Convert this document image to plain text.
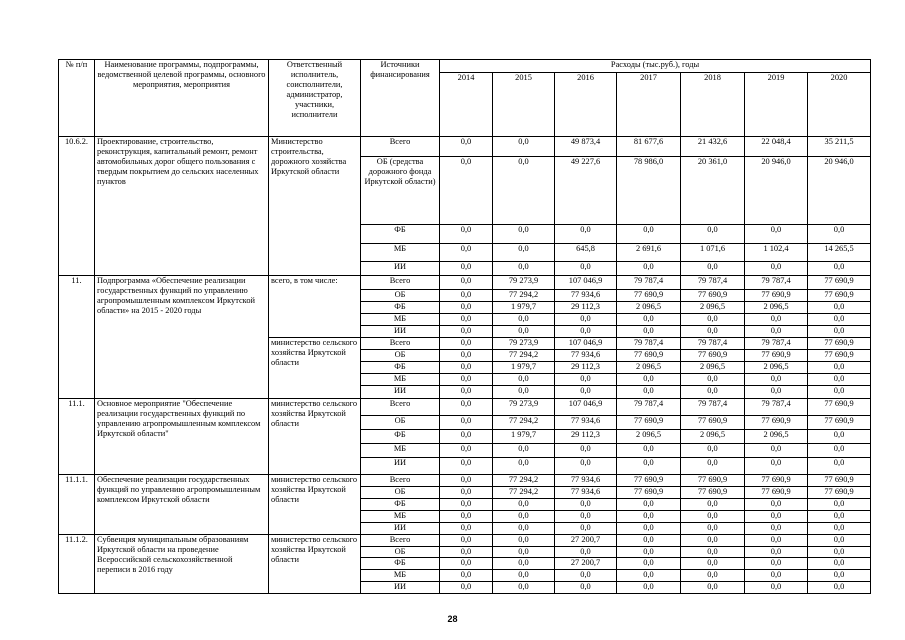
№ п/п	Наименование программы, подпрограммы, ведомственной целевой программы, основного мероприятия, мероприятия	Ответственный исполнитель, соисполнители, администратор, участники, исполнители	Источники финансирования	Расходы (тыс.руб.), годы						
				2014	2015	2016	2017	2018	2019	2020
10.6.2.	Проектирование, строительство, реконструкция, капитальный ремонт, ремонт автомобильных дорог общего пользования с твердым покрытием до сельских населенных пунктов	Министерство строительства, дорожного хозяйства Иркутской области	Всего	0,0	0,0	49 873,4	81 677,6	21 432,6	22 048,4	35 211,5
			ОБ (средства дорожного фонда Иркутской области)	0,0	0,0	49 227,6	78 986,0	20 361,0	20 946,0	20 946,0
			ФБ	0,0	0,0	0,0	0,0	0,0	0,0	0,0
			МБ	0,0	0,0	645,8	2 691,6	1 071,6	1 102,4	14 265,5
			ИИ	0,0	0,0	0,0	0,0	0,0	0,0	0,0
11.	Подпрограмма «Обеспечение реализации государственных функций по управлению агропромышленным комплексом Иркутской области» на 2015 - 2020 годы	всего, в том числе:	Всего	0,0	79 273,9	107 046,9	79 787,4	79 787,4	79 787,4	77 690,9
			ОБ	0,0	77 294,2	77 934,6	77 690,9	77 690,9	77 690,9	77 690,9
			ФБ	0,0	1 979,7	29 112,3	2 096,5	2 096,5	2 096,5	0,0
			МБ	0,0	0,0	0,0	0,0	0,0	0,0	0,0
			ИИ	0,0	0,0	0,0	0,0	0,0	0,0	0,0
		министерство сельского хозяйства Иркутской области	Всего	0,0	79 273,9	107 046,9	79 787,4	79 787,4	79 787,4	77 690,9
			ОБ	0,0	77 294,2	77 934,6	77 690,9	77 690,9	77 690,9	77 690,9
			ФБ	0,0	1 979,7	29 112,3	2 096,5	2 096,5	2 096,5	0,0
			МБ	0,0	0,0	0,0	0,0	0,0	0,0	0,0
			ИИ	0,0	0,0	0,0	0,0	0,0	0,0	0,0
11.1.	Основное мероприятие "Обеспечение реализации государственных функций по управлению агропромышленным комплексом Иркутской области"	министерство сельского хозяйства Иркутской области	Всего	0,0	79 273,9	107 046,9	79 787,4	79 787,4	79 787,4	77 690,9
			ОБ	0,0	77 294,2	77 934,6	77 690,9	77 690,9	77 690,9	77 690,9
			ФБ	0,0	1 979,7	29 112,3	2 096,5	2 096,5	2 096,5	0,0
			МБ	0,0	0,0	0,0	0,0	0,0	0,0	0,0
			ИИ	0,0	0,0	0,0	0,0	0,0	0,0	0,0
11.1.1.	Обеспечение реализации государственных функций по управлению агропромышленным комплексом Иркутской области	министерство сельского хозяйства Иркутской области	Всего	0,0	77 294,2	77 934,6	77 690,9	77 690,9	77 690,9	77 690,9
			ОБ	0,0	77 294,2	77 934,6	77 690,9	77 690,9	77 690,9	77 690,9
			ФБ	0,0	0,0	0,0	0,0	0,0	0,0	0,0
			МБ	0,0	0,0	0,0	0,0	0,0	0,0	0,0
			ИИ	0,0	0,0	0,0	0,0	0,0	0,0	0,0
11.1.2.	Субвенция муниципальным образованиям Иркутской области на проведение Всероссийской сельскохозяйственной переписи в 2016 году	министерство сельского хозяйства Иркутской области	Всего	0,0	0,0	27 200,7	0,0	0,0	0,0	0,0
			ОБ	0,0	0,0	0,0	0,0	0,0	0,0	0,0
			ФБ	0,0	0,0	27 200,7	0,0	0,0	0,0	0,0
			МБ	0,0	0,0	0,0	0,0	0,0	0,0	0,0
			ИИ	0,0	0,0	0,0	0,0	0,0	0,0	0,0
28
